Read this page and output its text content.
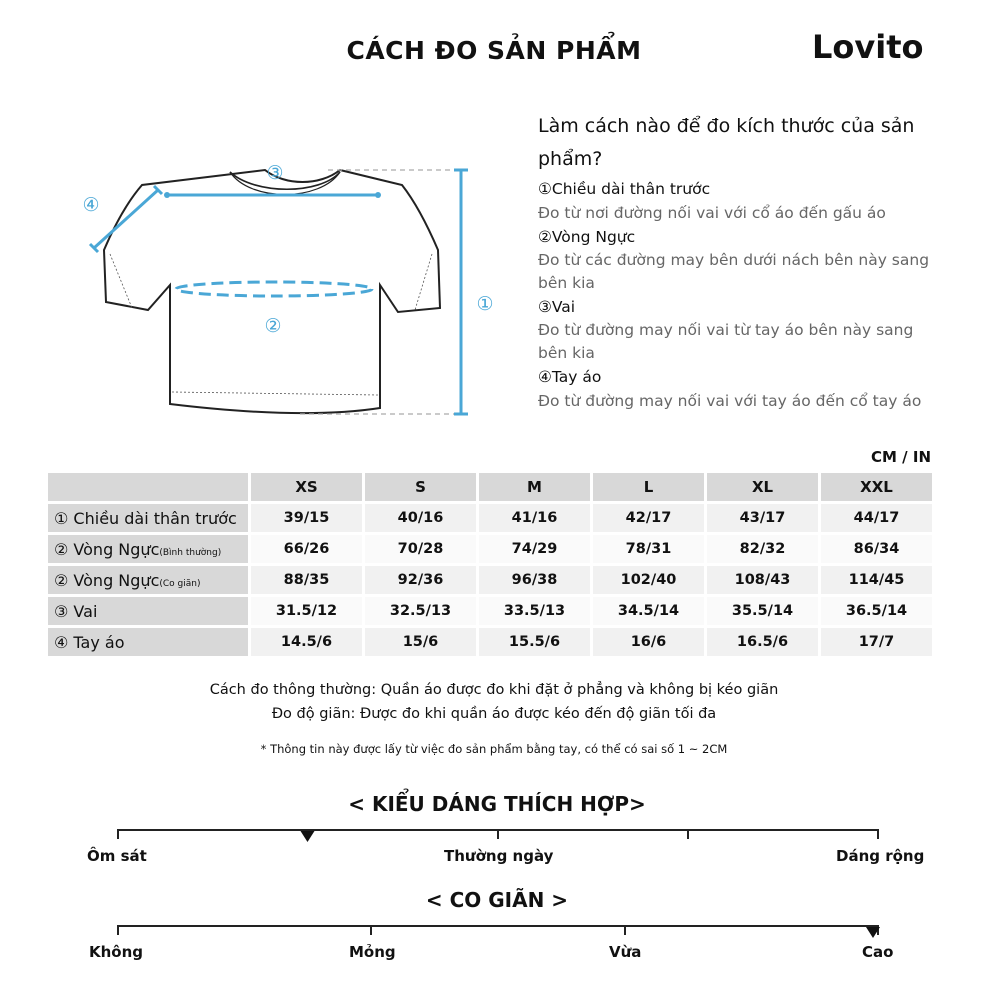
CÁCH ĐO SẢN PHẨM	Lovito
③
④
①
②
Làm cách nào để đo kích thước của sản phẩm?
①Chiều dài thân trước
Đo từ nơi đường nối vai với cổ áo đến gấu áo
②Vòng Ngực
Đo từ các đường may bên dưới nách bên này sang bên kia
③Vai
Đo từ đường may nối vai từ tay áo bên này sang bên kia
④Tay áo
Đo từ đường may nối vai với tay áo đến cổ tay áo
CM / IN
	XS	S	M	L	XL	XXL
① Chiều dài thân trước	39/15	40/16	41/16	42/17	43/17	44/17
② Vòng Ngực(Bình thường)	66/26	70/28	74/29	78/31	82/32	86/34
② Vòng Ngực(Co giãn)	88/35	92/36	96/38	102/40	108/43	114/45
③ Vai	31.5/12	32.5/13	33.5/13	34.5/14	35.5/14	36.5/14
④ Tay áo	14.5/6	15/6	15.5/6	16/6	16.5/6	17/7
Cách đo thông thường: Quần áo được đo khi đặt ở phẳng và không bị kéo giãn
Đo độ giãn: Được đo khi quần áo được kéo đến độ giãn tối đa
* Thông tin này được lấy từ việc đo sản phẩm bằng tay, có thể có sai số 1 ~ 2CM
< KIỂU DÁNG THÍCH HỢP>
Ôm sát	Thường ngày	Dáng rộng
< CO GIÃN >
Không	Mỏng	Vừa	Cao
